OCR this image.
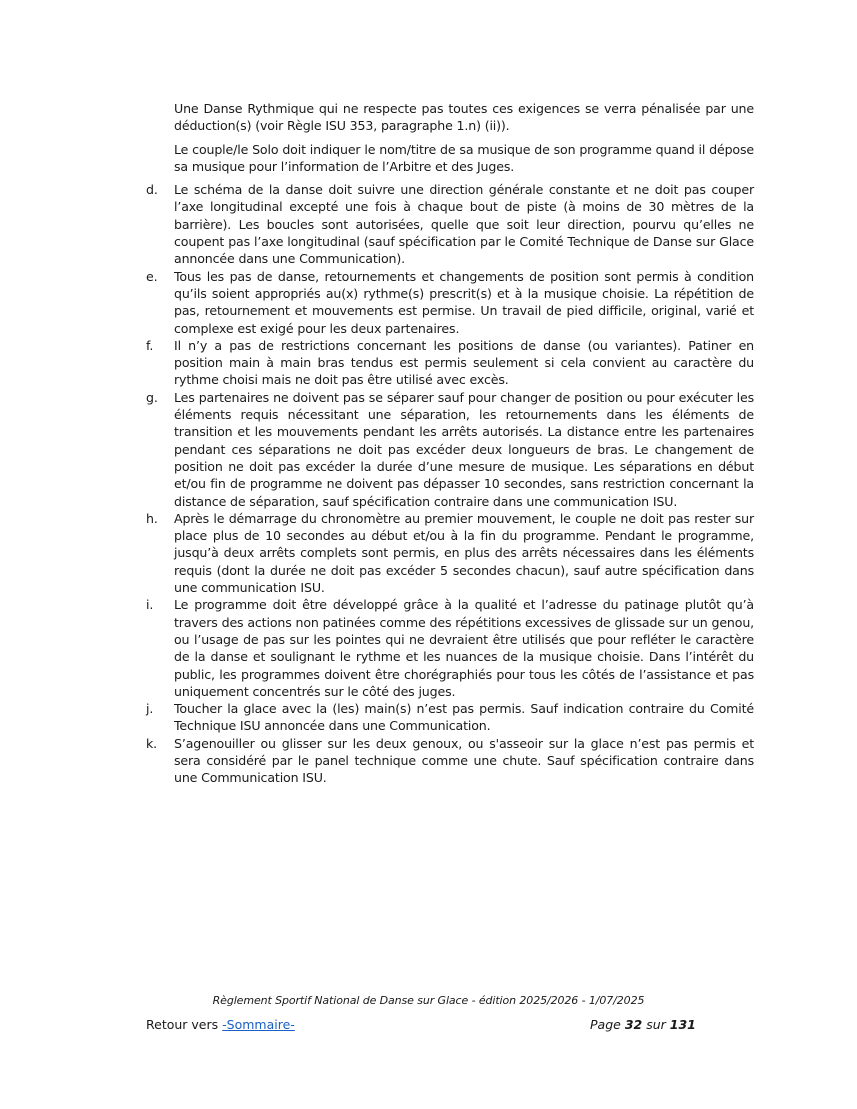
Une Danse Rythmique qui ne respecte pas toutes ces exigences se verra pénalisée par une déduction(s) (voir Règle ISU 353, paragraphe 1.n) (ii)).

Le couple/le Solo doit indiquer le nom/titre de sa musique de son programme quand il dépose sa musique pour l’information de l’Arbitre et des Juges.

d.	Le schéma de la danse doit suivre une direction générale constante et ne doit pas couper l’axe longitudinal excepté une fois à chaque bout de piste (à moins de 30 mètres de la barrière). Les boucles sont autorisées, quelle que soit leur direction, pourvu qu’elles ne coupent pas l’axe longitudinal (sauf spécification par le Comité Technique de Danse sur Glace annoncée dans une Communication).
e.	Tous les pas de danse, retournements et changements de position sont permis à condition qu’ils soient appropriés au(x) rythme(s) prescrit(s) et à la musique choisie. La répétition de pas, retournement et mouvements est permise. Un travail de pied difficile, original, varié et complexe est exigé pour les deux partenaires.
f.	Il n’y a pas de restrictions concernant les positions de danse (ou variantes). Patiner en position main à main bras tendus est permis seulement si cela convient au caractère du rythme choisi mais ne doit pas être utilisé avec excès.
g.	Les partenaires ne doivent pas se séparer sauf pour changer de position ou pour exécuter les éléments requis nécessitant une séparation, les retournements dans les éléments de transition et les mouvements pendant les arrêts autorisés. La distance entre les partenaires pendant ces séparations ne doit pas excéder deux longueurs de bras. Le changement de position ne doit pas excéder la durée d’une mesure de musique. Les séparations en début et/ou fin de programme ne doivent pas dépasser 10 secondes, sans restriction concernant la distance de séparation, sauf spécification contraire dans une communication ISU.
h.	Après le démarrage du chronomètre au premier mouvement, le couple ne doit pas rester sur place plus de 10 secondes au début et/ou à la fin du programme. Pendant le programme, jusqu’à deux arrêts complets sont permis, en plus des arrêts nécessaires dans les éléments requis (dont la durée ne doit pas excéder 5 secondes chacun), sauf autre spécification dans une communication ISU.
i.	Le programme doit être développé grâce à la qualité et l’adresse du patinage plutôt qu’à travers des actions non patinées comme des répétitions excessives de glissade sur un genou, ou l’usage de pas sur les pointes qui ne devraient être utilisés que pour refléter le caractère de la danse et soulignant le rythme et les nuances de la musique choisie. Dans l’intérêt du public, les programmes doivent être chorégraphiés pour tous les côtés de l’assistance et pas uniquement concentrés sur le côté des juges.
j.	Toucher la glace avec la (les) main(s) n’est pas permis. Sauf indication contraire du Comité Technique ISU annoncée dans une Communication.
k.	S’agenouiller ou glisser sur les deux genoux, ou s'asseoir sur la glace n’est pas permis et sera considéré par le panel technique comme une chute. Sauf spécification contraire dans une Communication ISU.
Règlement Sportif National de Danse sur Glace - édition 2025/2026 - 1/07/2025
Retour vers -Sommaire-	Page 32 sur 131
